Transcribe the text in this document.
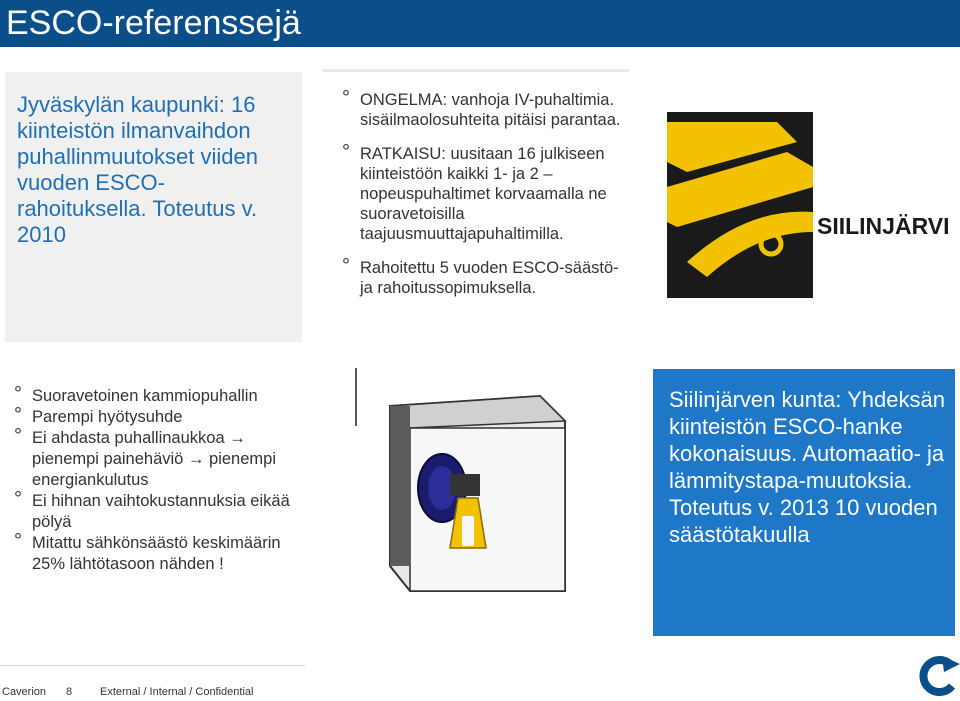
ESCO-referenssejä

Jyväskylän kaupunki: 16 kiinteistön ilmanvaihdon puhallinmuutokset viiden vuoden ESCO-rahoituksella. Toteutus v. 2010

° ONGELMA: vanhoja IV-puhaltimia. sisäilmaolosuhteita pitäisi parantaa.
° RATKAISU: uusitaan 16 julkiseen kiinteistöön kaikki 1- ja 2 –nopeuspuhaltimet korvaamalla ne suoravetoisilla taajuusmuuttajapuhaltimilla.
° Rahoitettu 5 vuoden ESCO-säästö- ja rahoitussopimuksella.
SIILINJÄRVI
° Suoravetoinen kammiopuhallin
° Parempi hyötysuhde
° Ei ahdasta puhallinaukkoa → pienempi painehäviö → pienempi energiankulutus
° Ei hihnan vaihtokustannuksia eikää pölyä
° Mitattu sähkönsäästö keskimäärin 25% lähtötasoon nähden !

Siilinjärven kunta: Yhdeksän kiinteistön ESCO-hanke kokonaisuus. Automaatio- ja lämmitystapa-muutoksia. Toteutus v. 2013 10 vuoden säästötakuulla

Caverion 8	External / Internal / Confidential
